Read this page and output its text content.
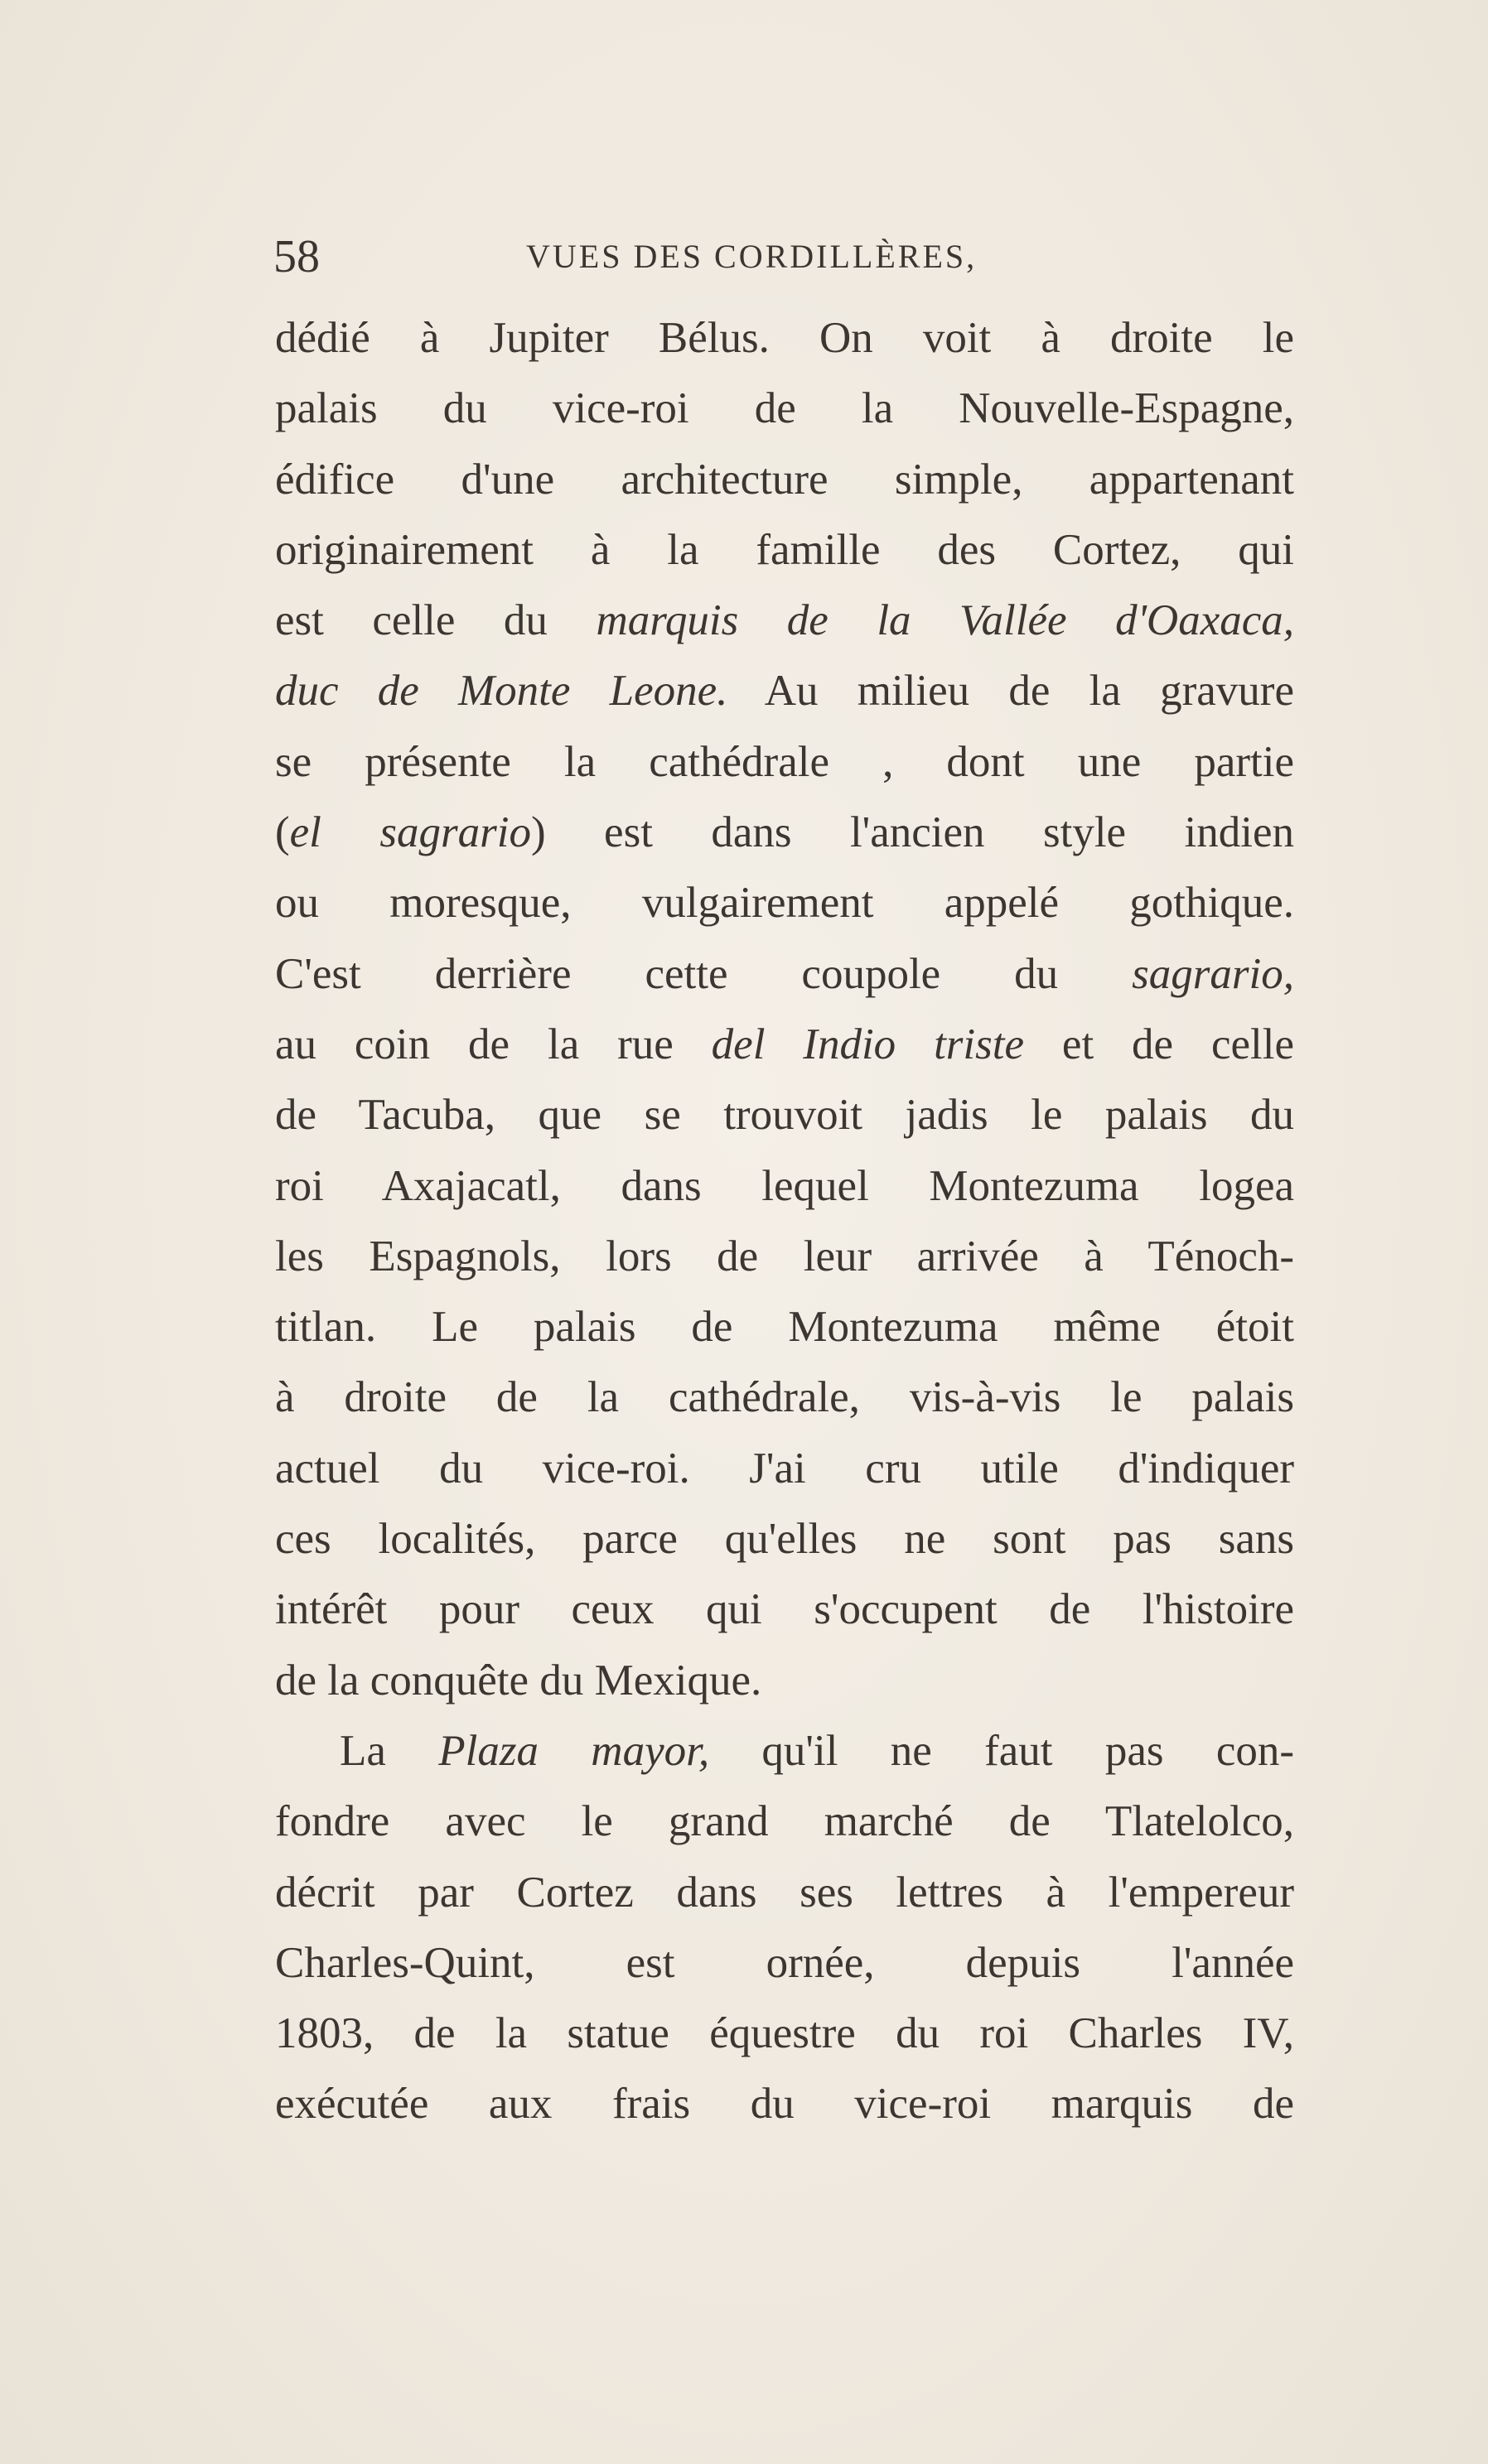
58	VUES DES CORDILLÈRES,
dédié à Jupiter Bélus. On voit à droite le
palais du vice-roi de la Nouvelle-Espagne,
édifice d'une architecture simple, appartenant
originairement à la famille des Cortez, qui
est celle du marquis de la Vallée d'Oaxaca,
duc de Monte Leone. Au milieu de la gravure
se présente la cathédrale , dont une partie
(el sagrario) est dans l'ancien style indien
ou moresque, vulgairement appelé gothique.
C'est derrière cette coupole du sagrario,
au coin de la rue del Indio triste et de celle
de Tacuba, que se trouvoit jadis le palais du
roi Axajacatl, dans lequel Montezuma logea
les Espagnols, lors de leur arrivée à Ténoch-
titlan. Le palais de Montezuma même étoit
à droite de la cathédrale, vis-à-vis le palais
actuel du vice-roi. J'ai cru utile d'indiquer
ces localités, parce qu'elles ne sont pas sans
intérêt pour ceux qui s'occupent de l'histoire
de la conquête du Mexique.
La Plaza mayor, qu'il ne faut pas con-
fondre avec le grand marché de Tlatelolco,
décrit par Cortez dans ses lettres à l'empereur
Charles-Quint, est ornée, depuis l'année
1803, de la statue équestre du roi Charles IV,
exécutée aux frais du vice-roi marquis de
